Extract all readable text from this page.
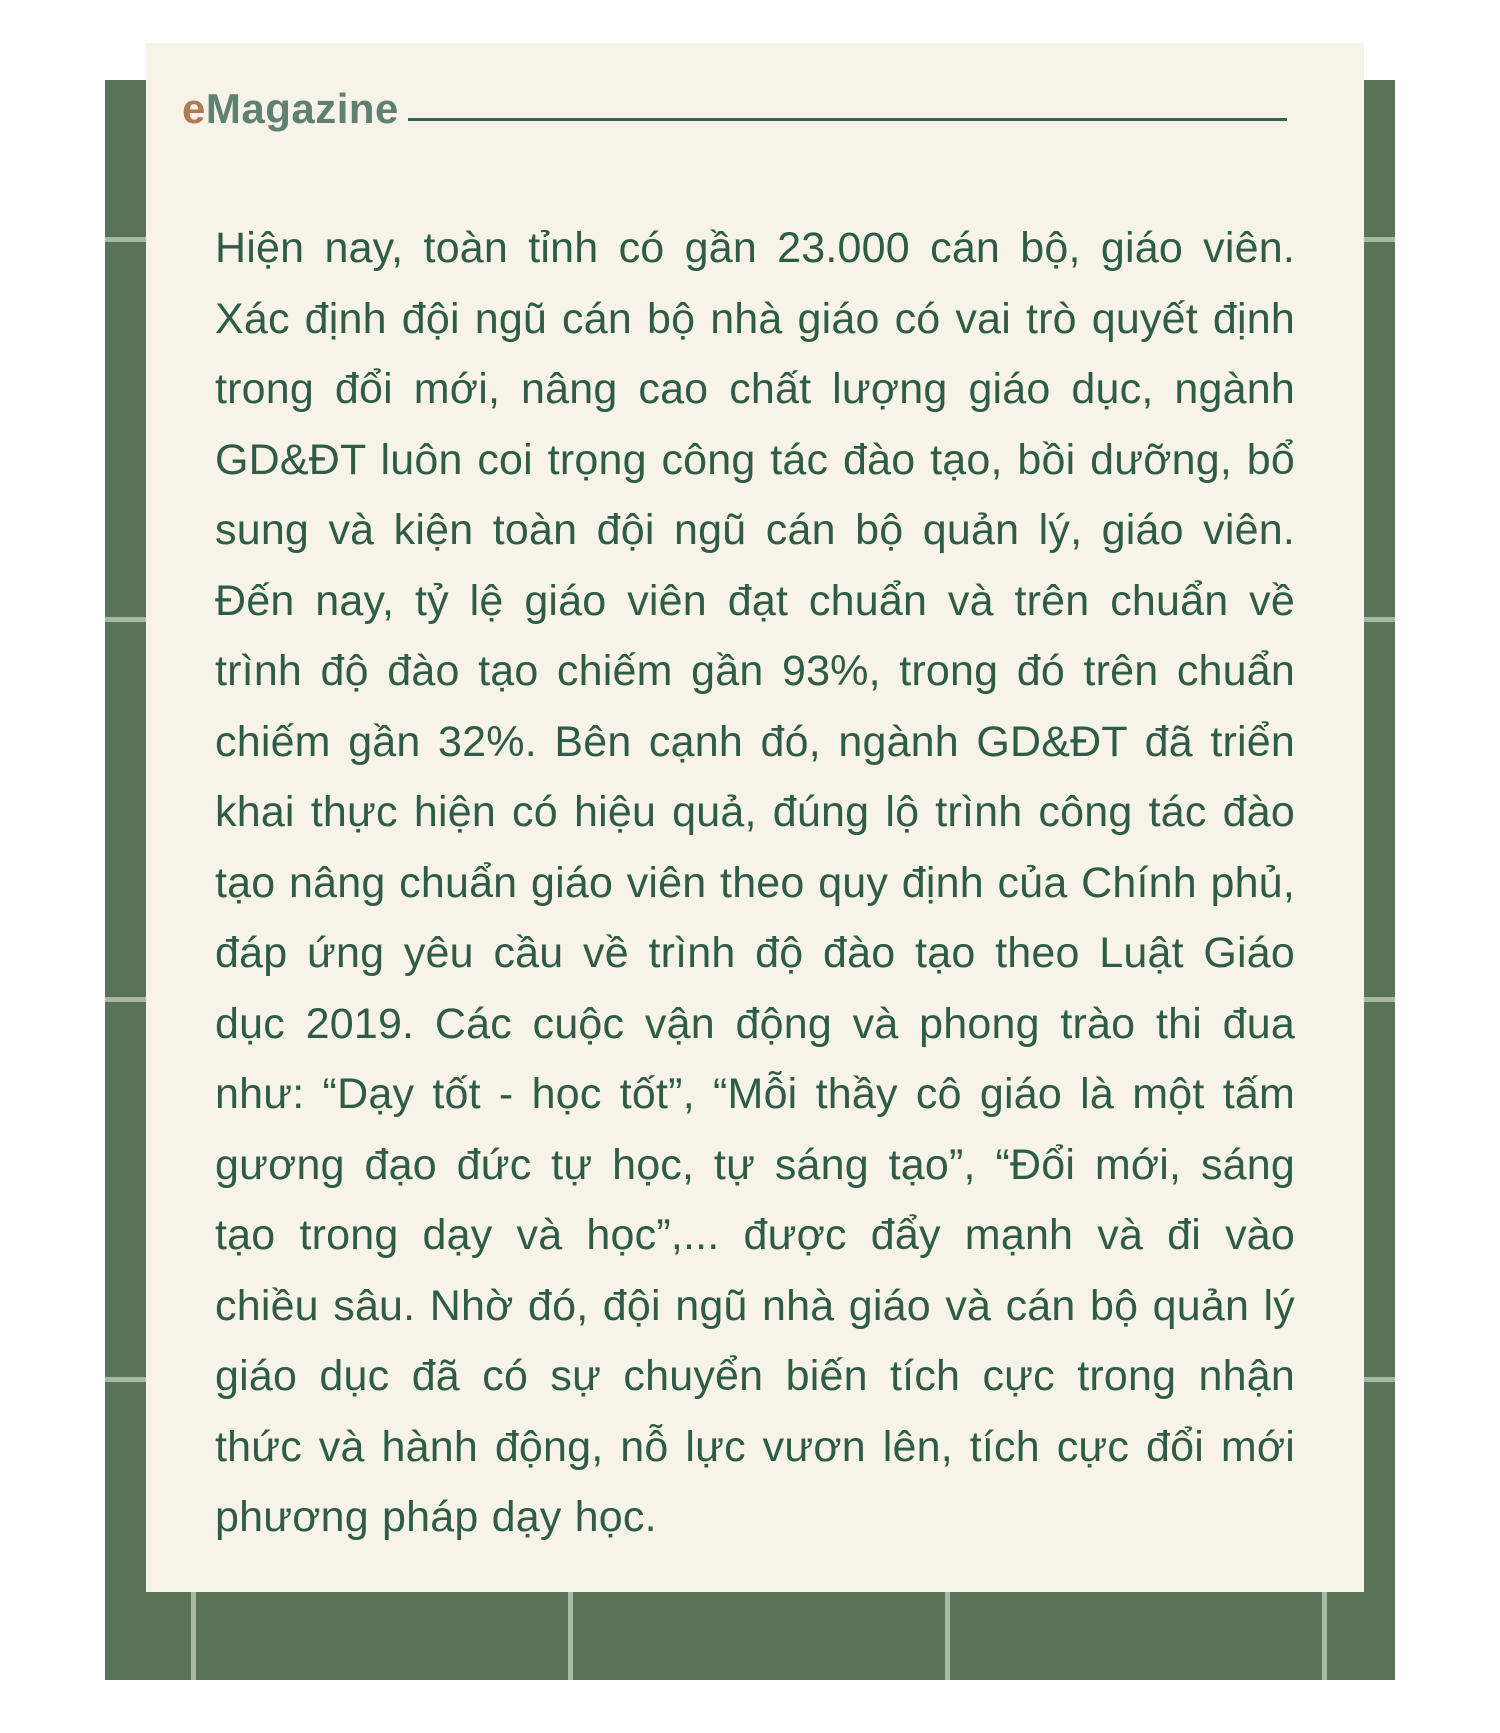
eMagazine

Hiện nay, toàn tỉnh có gần 23.000 cán bộ, giáo viên. Xác định đội ngũ cán bộ nhà giáo có vai trò quyết định trong đổi mới, nâng cao chất lượng giáo dục, ngành GD&ĐT luôn coi trọng công tác đào tạo, bồi dưỡng, bổ sung và kiện toàn đội ngũ cán bộ quản lý, giáo viên. Đến nay, tỷ lệ giáo viên đạt chuẩn và trên chuẩn về trình độ đào tạo chiếm gần 93%, trong đó trên chuẩn chiếm gần 32%. Bên cạnh đó, ngành GD&ĐT đã triển khai thực hiện có hiệu quả, đúng lộ trình công tác đào tạo nâng chuẩn giáo viên theo quy định của Chính phủ, đáp ứng yêu cầu về trình độ đào tạo theo Luật Giáo dục 2019. Các cuộc vận động và phong trào thi đua như: “Dạy tốt - học tốt”, “Mỗi thầy cô giáo là một tấm gương đạo đức tự học, tự sáng tạo”, “Đổi mới, sáng tạo trong dạy và học”,... được đẩy mạnh và đi vào chiều sâu. Nhờ đó, đội ngũ nhà giáo và cán bộ quản lý giáo dục đã có sự chuyển biến tích cực trong nhận thức và hành động, nỗ lực vươn lên, tích cực đổi mới phương pháp dạy học.
